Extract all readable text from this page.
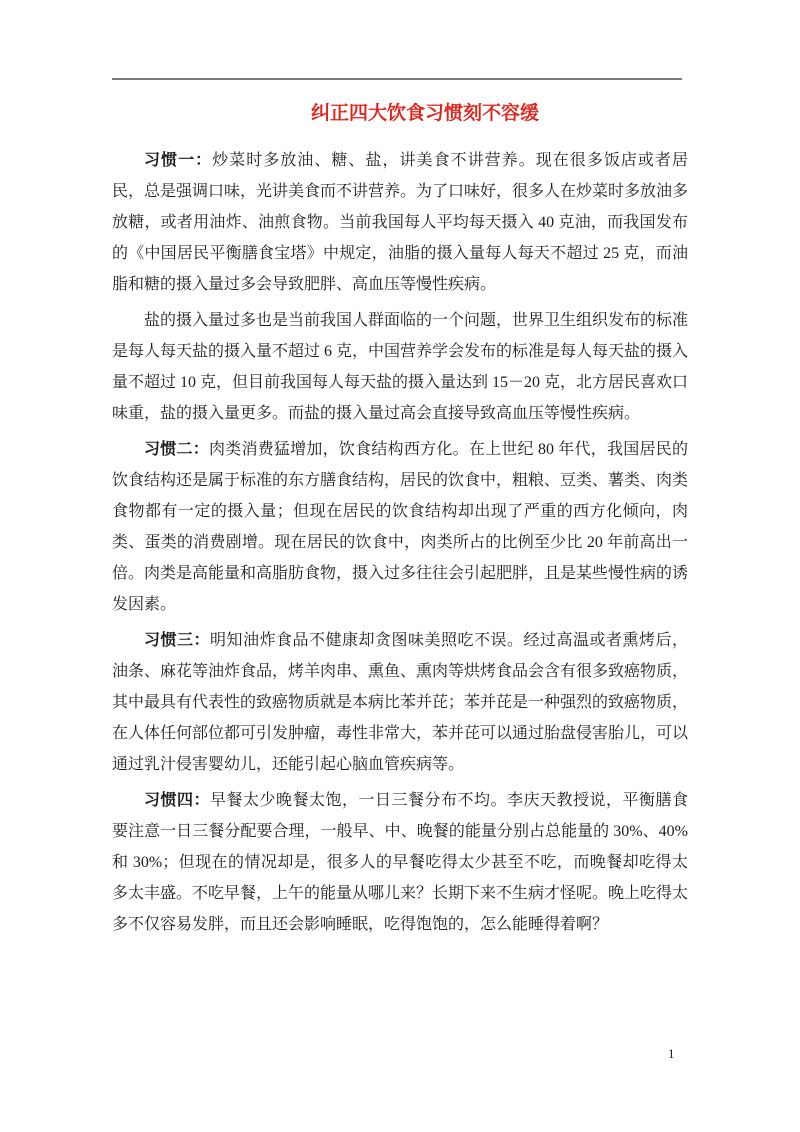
纠正四大饮食习惯刻不容缓

习惯一：炒菜时多放油、糖、盐，讲美食不讲营养。现在很多饭店或者居民，总是强调口味，光讲美食而不讲营养。为了口味好，很多人在炒菜时多放油多放糖，或者用油炸、油煎食物。当前我国每人平均每天摄入 40 克油，而我国发布的《中国居民平衡膳食宝塔》中规定，油脂的摄入量每人每天不超过 25 克，而油脂和糖的摄入量过多会导致肥胖、高血压等慢性疾病。

盐的摄入量过多也是当前我国人群面临的一个问题，世界卫生组织发布的标准是每人每天盐的摄入量不超过 6 克，中国营养学会发布的标准是每人每天盐的摄入量不超过 10 克，但目前我国每人每天盐的摄入量达到 15－20 克，北方居民喜欢口味重，盐的摄入量更多。而盐的摄入量过高会直接导致高血压等慢性疾病。

习惯二：肉类消费猛增加，饮食结构西方化。在上世纪 80 年代，我国居民的饮食结构还是属于标准的东方膳食结构，居民的饮食中，粗粮、豆类、薯类、肉类食物都有一定的摄入量；但现在居民的饮食结构却出现了严重的西方化倾向，肉类、蛋类的消费剧增。现在居民的饮食中，肉类所占的比例至少比 20 年前高出一倍。肉类是高能量和高脂肪食物，摄入过多往往会引起肥胖，且是某些慢性病的诱发因素。

习惯三：明知油炸食品不健康却贪图味美照吃不误。经过高温或者熏烤后，油条、麻花等油炸食品，烤羊肉串、熏鱼、熏肉等烘烤食品会含有很多致癌物质，其中最具有代表性的致癌物质就是本病比苯并芘；苯并芘是一种强烈的致癌物质，在人体任何部位都可引发肿瘤，毒性非常大，苯并芘可以通过胎盘侵害胎儿，可以通过乳汁侵害婴幼儿，还能引起心脑血管疾病等。

习惯四：早餐太少晚餐太饱，一日三餐分布不均。李庆天教授说，平衡膳食要注意一日三餐分配要合理，一般早、中、晚餐的能量分别占总能量的 30%、40%和 30%；但现在的情况却是，很多人的早餐吃得太少甚至不吃，而晚餐却吃得太多太丰盛。不吃早餐，上午的能量从哪儿来？长期下来不生病才怪呢。晚上吃得太多不仅容易发胖，而且还会影响睡眠，吃得饱饱的，怎么能睡得着啊？

1
